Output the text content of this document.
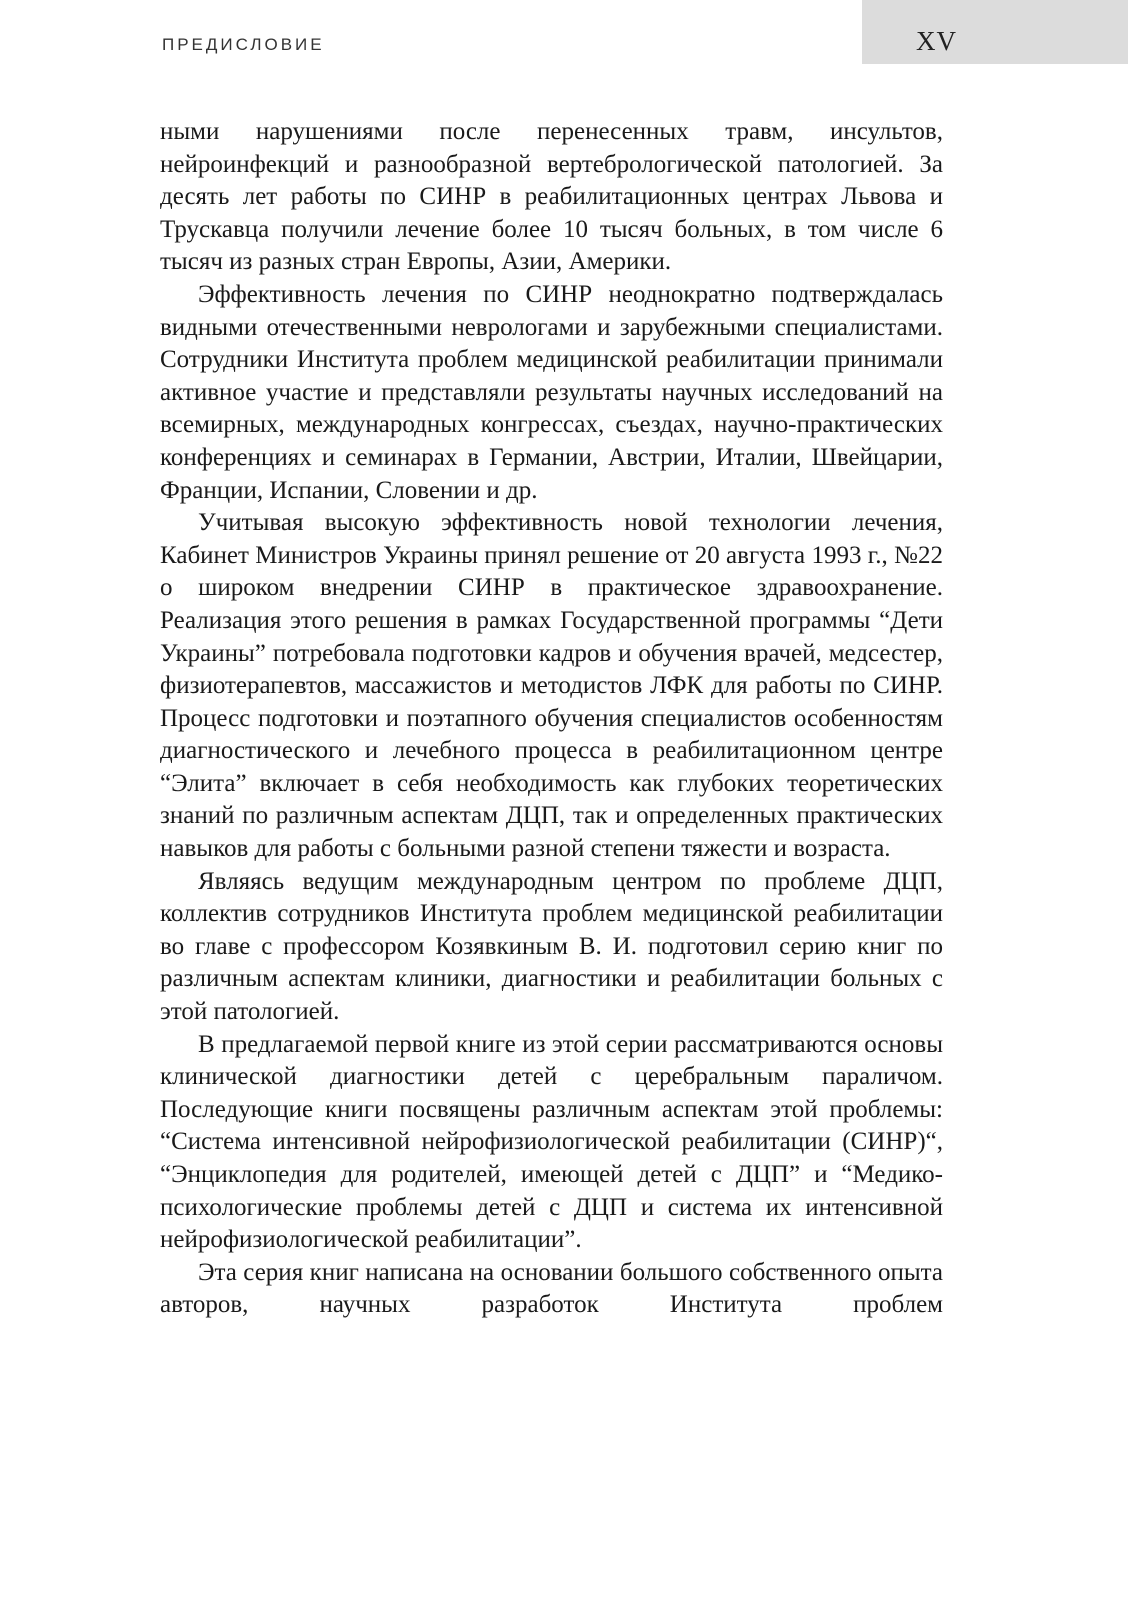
ПРЕДИСЛОВИЕ	XV

ными нарушениями после перенесенных травм, инсультов, нейроинфекций и разнообразной вертебрологической патологией. За десять лет работы по СИНР в реабилитационных центрах Львова и Трускавца получили лечение более 10 тысяч больных, в том числе 6 тысяч из разных стран Европы, Азии, Америки.

Эффективность лечения по СИНР неоднократно подтверждалась видными отечественными неврологами и зарубежными специалистами. Сотрудники Института проблем медицинской реабилитации принимали активное участие и представляли результаты научных исследований на всемирных, международных конгрессах, съездах, научно-практических конференциях и семинарах в Германии, Австрии, Италии, Швейцарии, Франции, Испании, Словении и др.

Учитывая высокую эффективность новой технологии лечения, Кабинет Министров Украины принял решение от 20 августа 1993 г., №22 о широком внедрении СИНР в практическое здравоохранение. Реализация этого решения в рамках Государственной программы “Дети Украины” потребовала подготовки кадров и обучения врачей, медсестер, физиотерапевтов, массажистов и методистов ЛФК для работы по СИНР. Процесс подготовки и поэтапного обучения специалистов особенностям диагностического и лечебного процесса в реабилитационном центре “Элита” включает в себя необходимость как глубоких теоретических знаний по различным аспектам ДЦП, так и определенных практических навыков для работы с больными разной степени тяжести и возраста.

Являясь ведущим международным центром по проблеме ДЦП, коллектив сотрудников Института проблем медицинской реабилитации во главе с профессором Козявкиным В. И. подготовил серию книг по различным аспектам клиники, диагностики и реабилитации больных с этой патологией.

В предлагаемой первой книге из этой серии рассматриваются основы клинической диагностики детей с церебральным параличом. Последующие книги посвящены различным аспектам этой проблемы: “Система интенсивной нейрофизиологической реабилитации (СИНР)“, “Энциклопедия для родителей, имеющей детей с ДЦП” и “Медико-психологические проблемы детей с ДЦП и система их интенсивной нейрофизиологической реабилитации”.

Эта серия книг написана на основании большого собственного опыта авторов, научных разработок Института проблем
